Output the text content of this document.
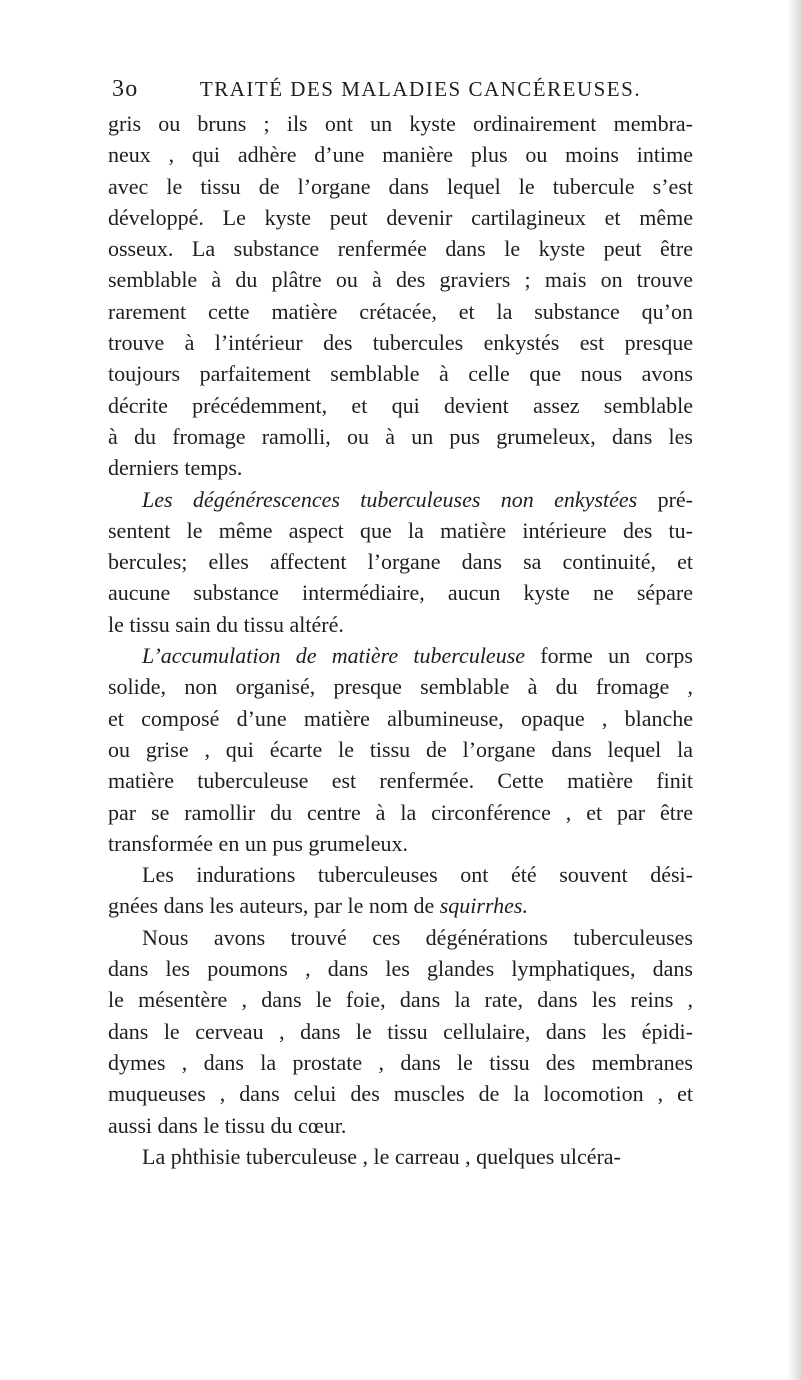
3o	TRAITÉ DES MALADIES CANCÉREUSES.
gris ou bruns ; ils ont un kyste ordinairement membra-
neux , qui adhère d’une manière plus ou moins intime
avec le tissu de l’organe dans lequel le tubercule s’est
développé. Le kyste peut devenir cartilagineux et même
osseux. La substance renfermée dans le kyste peut être
semblable à du plâtre ou à des graviers ; mais on trouve
rarement cette matière crétacée, et la substance qu’on
trouve à l’intérieur des tubercules enkystés est presque
toujours parfaitement semblable à celle que nous avons
décrite précédemment, et qui devient assez semblable
à du fromage ramolli, ou à un pus grumeleux, dans les
derniers temps.
Les dégénérescences tuberculeuses non enkystées pré-
sentent le même aspect que la matière intérieure des tu-
bercules; elles affectent l’organe dans sa continuité, et
aucune substance intermédiaire, aucun kyste ne sépare
le tissu sain du tissu altéré.
L’accumulation de matière tuberculeuse forme un corps
solide, non organisé, presque semblable à du fromage ,
et composé d’une matière albumineuse, opaque , blanche
ou grise , qui écarte le tissu de l’organe dans lequel la
matière tuberculeuse est renfermée. Cette matière finit
par se ramollir du centre à la circonférence , et par être
transformée en un pus grumeleux.
Les indurations tuberculeuses ont été souvent dési-
gnées dans les auteurs, par le nom de squirrhes.
Nous avons trouvé ces dégénérations tuberculeuses
dans les poumons , dans les glandes lymphatiques, dans
le mésentère , dans le foie, dans la rate, dans les reins ,
dans le cerveau , dans le tissu cellulaire, dans les épidi-
dymes , dans la prostate , dans le tissu des membranes
muqueuses , dans celui des muscles de la locomotion , et
aussi dans le tissu du cœur.
La phthisie tuberculeuse , le carreau , quelques ulcéra-
